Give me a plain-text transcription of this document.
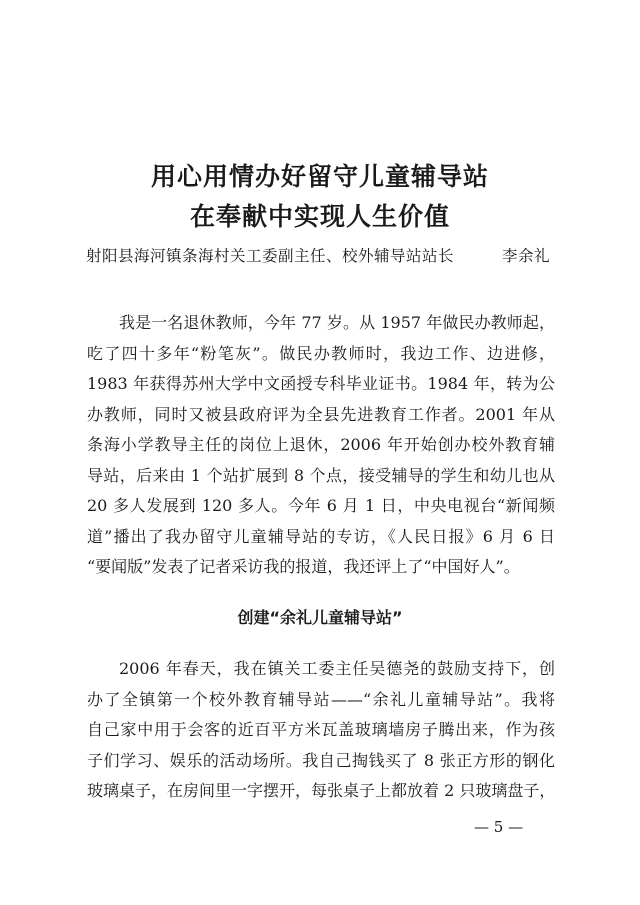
用心用情办好留守儿童辅导站
在奉献中实现人生价值
射阳县海河镇条海村关工委副主任、校外辅导站站长	李余礼
我是一名退休教师，今年 77 岁。从 1957 年做民办教师起，
吃了四十多年“粉笔灰”。做民办教师时，我边工作、边进修，
1983 年获得苏州大学中文函授专科毕业证书。1984 年，转为公
办教师，同时又被县政府评为全县先进教育工作者。2001 年从
条海小学教导主任的岗位上退休，2006 年开始创办校外教育辅
导站，后来由 1 个站扩展到 8 个点，接受辅导的学生和幼儿也从
20 多人发展到 120 多人。今年 6 月 1 日，中央电视台“新闻频
道”播出了我办留守儿童辅导站的专访，《人民日报》6 月 6 日
“要闻版”发表了记者采访我的报道，我还评上了“中国好人”。
创建“余礼儿童辅导站”
2006 年春天，我在镇关工委主任吴德尧的鼓励支持下，创
办了全镇第一个校外教育辅导站——“余礼儿童辅导站”。我将
自己家中用于会客的近百平方米瓦盖玻璃墙房子腾出来，作为孩
子们学习、娱乐的活动场所。我自己掏钱买了 8 张正方形的钢化
玻璃桌子，在房间里一字摆开，每张桌子上都放着 2 只玻璃盘子，
— 5 —
